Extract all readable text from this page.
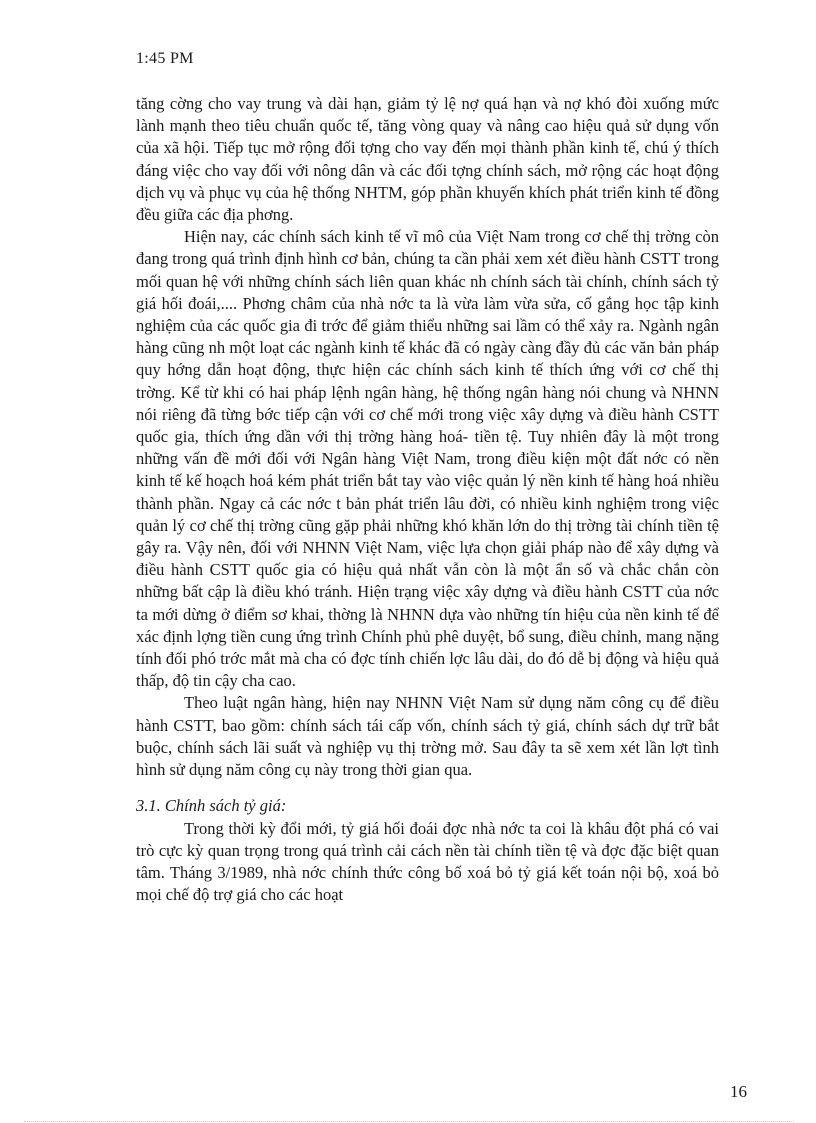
1:45 PM

tăng cờng cho vay trung và dài hạn, giảm tỷ lệ nợ quá hạn và nợ khó đòi xuống mức lành mạnh theo tiêu chuẩn quốc tế, tăng vòng quay và nâng cao hiệu quả sử dụng vốn của xã hội. Tiếp tục mở rộng đối tợng cho vay đến mọi thành phần kinh tế, chú ý thích đáng việc cho vay đối với nông dân và các đối tợng chính sách, mở rộng các hoạt động dịch vụ và phục vụ của hệ thống NHTM, góp phần khuyến khích phát triển kinh tế đồng đều giữa các địa phơng.

Hiện nay, các chính sách kinh tế vĩ mô của Việt Nam trong cơ chế thị trờng còn đang trong quá trình định hình cơ bản, chúng ta cần phải xem xét điều hành CSTT trong mối quan hệ với những chính sách liên quan khác nh chính sách tài chính, chính sách tỷ giá hối đoái,.... Phơng châm của nhà nớc ta là vừa làm vừa sửa, cố gắng học tập kinh nghiệm của các quốc gia đi trớc để giảm thiểu những sai lầm có thể xảy ra. Ngành ngân hàng cũng nh một loạt các ngành kinh tế khác đã có ngày càng đầy đủ các văn bản pháp quy hớng dẫn hoạt động, thực hiện các chính sách kinh tế thích ứng với cơ chế thị trờng. Kể từ khi có hai pháp lệnh ngân hàng, hệ thống ngân hàng nói chung và NHNN nói riêng đã từng bớc tiếp cận với cơ chế mới trong việc xây dựng và điều hành CSTT quốc gia, thích ứng dần với thị trờng hàng hoá- tiền tệ. Tuy nhiên đây là một trong những vấn đề mới đối với Ngân hàng Việt Nam, trong điều kiện một đất nớc có nền kinh tế kế hoạch hoá kém phát triển bắt tay vào việc quản lý nền kinh tế hàng hoá nhiều thành phần. Ngay cả các nớc t bản phát triển lâu đời, có nhiều kinh nghiệm trong việc quản lý cơ chế thị trờng cũng gặp phải những khó khăn lớn do thị trờng tài chính tiền tệ gây ra. Vậy nên, đối với NHNN Việt Nam, việc lựa chọn giải pháp nào để xây dựng và điều hành CSTT quốc gia có hiệu quả nhất vẫn còn là một ẩn số và chắc chắn còn những bất cập là điều khó tránh. Hiện trạng việc xây dựng và điều hành CSTT của nớc ta mới dừng ở điểm sơ khai, thờng là NHNN dựa vào những tín hiệu của nền kinh tế để xác định lợng tiền cung ứng trình Chính phủ phê duyệt, bổ sung, điều chỉnh, mang nặng tính đối phó trớc mắt mà cha có đợc tính chiến lợc lâu dài, do đó dễ bị động và hiệu quả thấp, độ tin cậy cha cao.

Theo luật ngân hàng, hiện nay NHNN Việt Nam sử dụng năm công cụ để điều hành CSTT, bao gồm: chính sách tái cấp vốn, chính sách tỷ giá, chính sách dự trữ bắt buộc, chính sách lãi suất và nghiệp vụ thị trờng mở. Sau đây ta sẽ xem xét lần lợt tình hình sử dụng năm công cụ này trong thời gian qua.

3.1. Chính sách tỷ giá:

Trong thời kỳ đổi mới, tỷ giá hối đoái đợc nhà nớc ta coi là khâu đột phá có vai trò cực kỳ quan trọng trong quá trình cải cách nền tài chính tiền tệ và đợc đặc biệt quan tâm. Tháng 3/1989, nhà nớc chính thức công bố xoá bỏ tỷ giá kết toán nội bộ, xoá bỏ mọi chế độ trợ giá cho các hoạt

16
